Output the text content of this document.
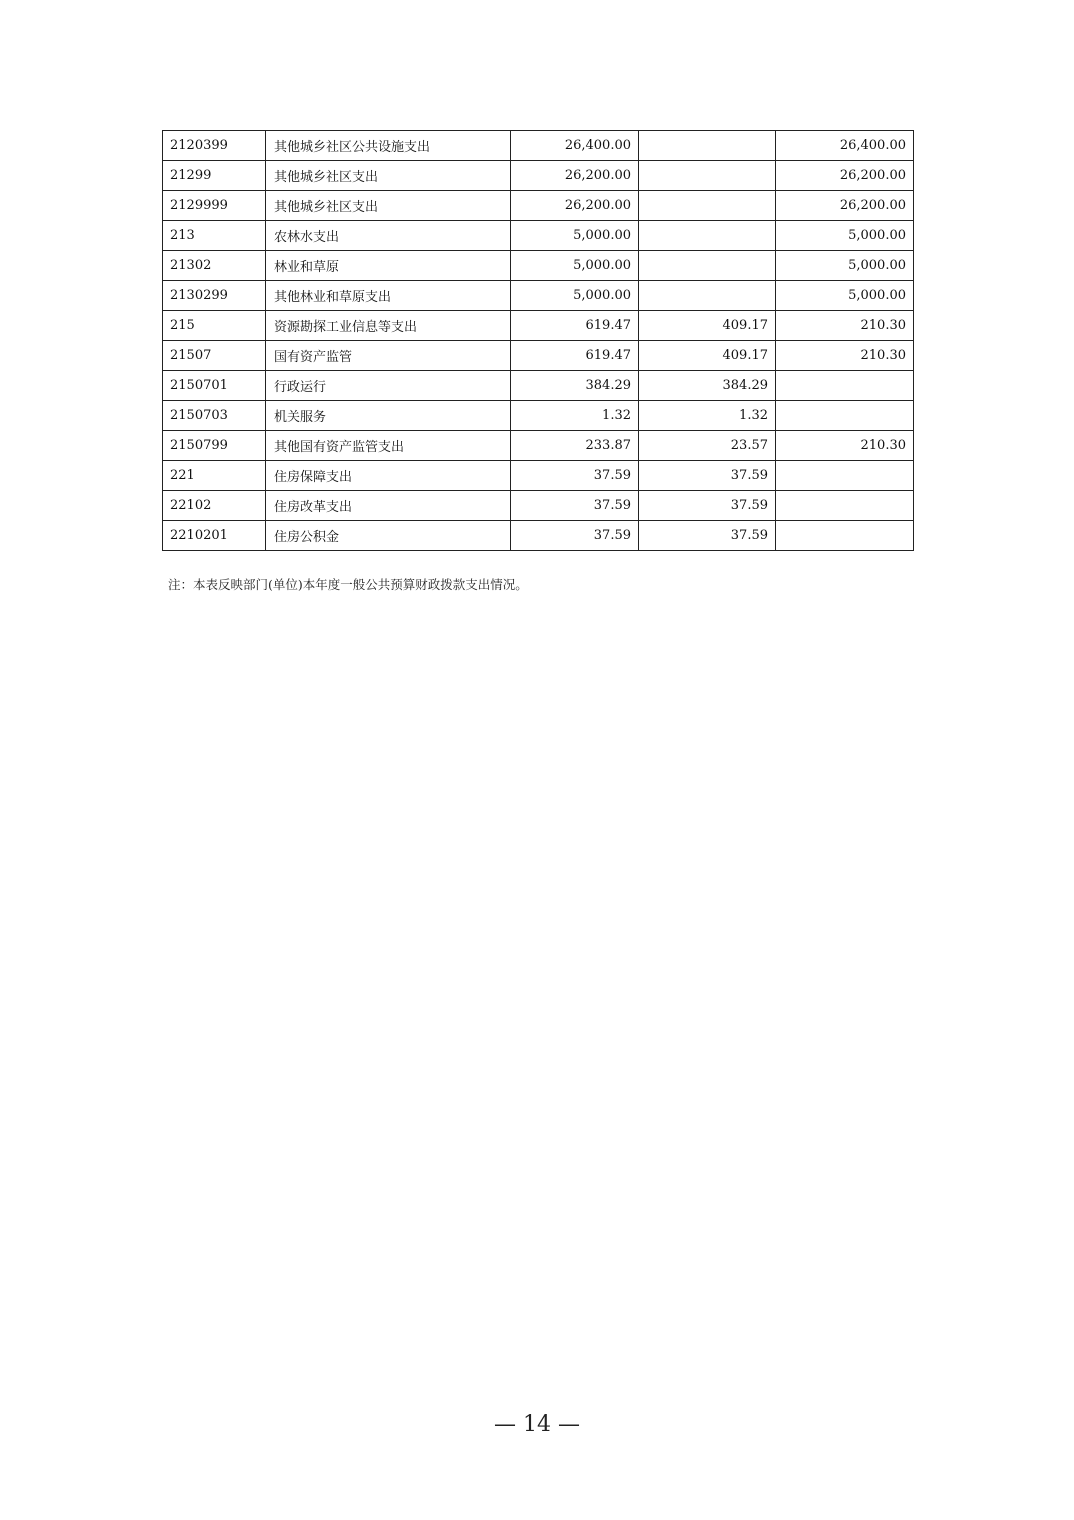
2120399	其他城乡社区公共设施支出	26,400.00		26,400.00
21299	其他城乡社区支出	26,200.00		26,200.00
2129999	其他城乡社区支出	26,200.00		26,200.00
213	农林水支出	5,000.00		5,000.00
21302	林业和草原	5,000.00		5,000.00
2130299	其他林业和草原支出	5,000.00		5,000.00
215	资源勘探工业信息等支出	619.47	409.17	210.30
21507	国有资产监管	619.47	409.17	210.30
2150701	行政运行	384.29	384.29	
2150703	机关服务	1.32	1.32	
2150799	其他国有资产监管支出	233.87	23.57	210.30
221	住房保障支出	37.59	37.59	
22102	住房改革支出	37.59	37.59	
2210201	住房公积金	37.59	37.59	
注：本表反映部门(单位)本年度一般公共预算财政拨款支出情况。
— 14 —
